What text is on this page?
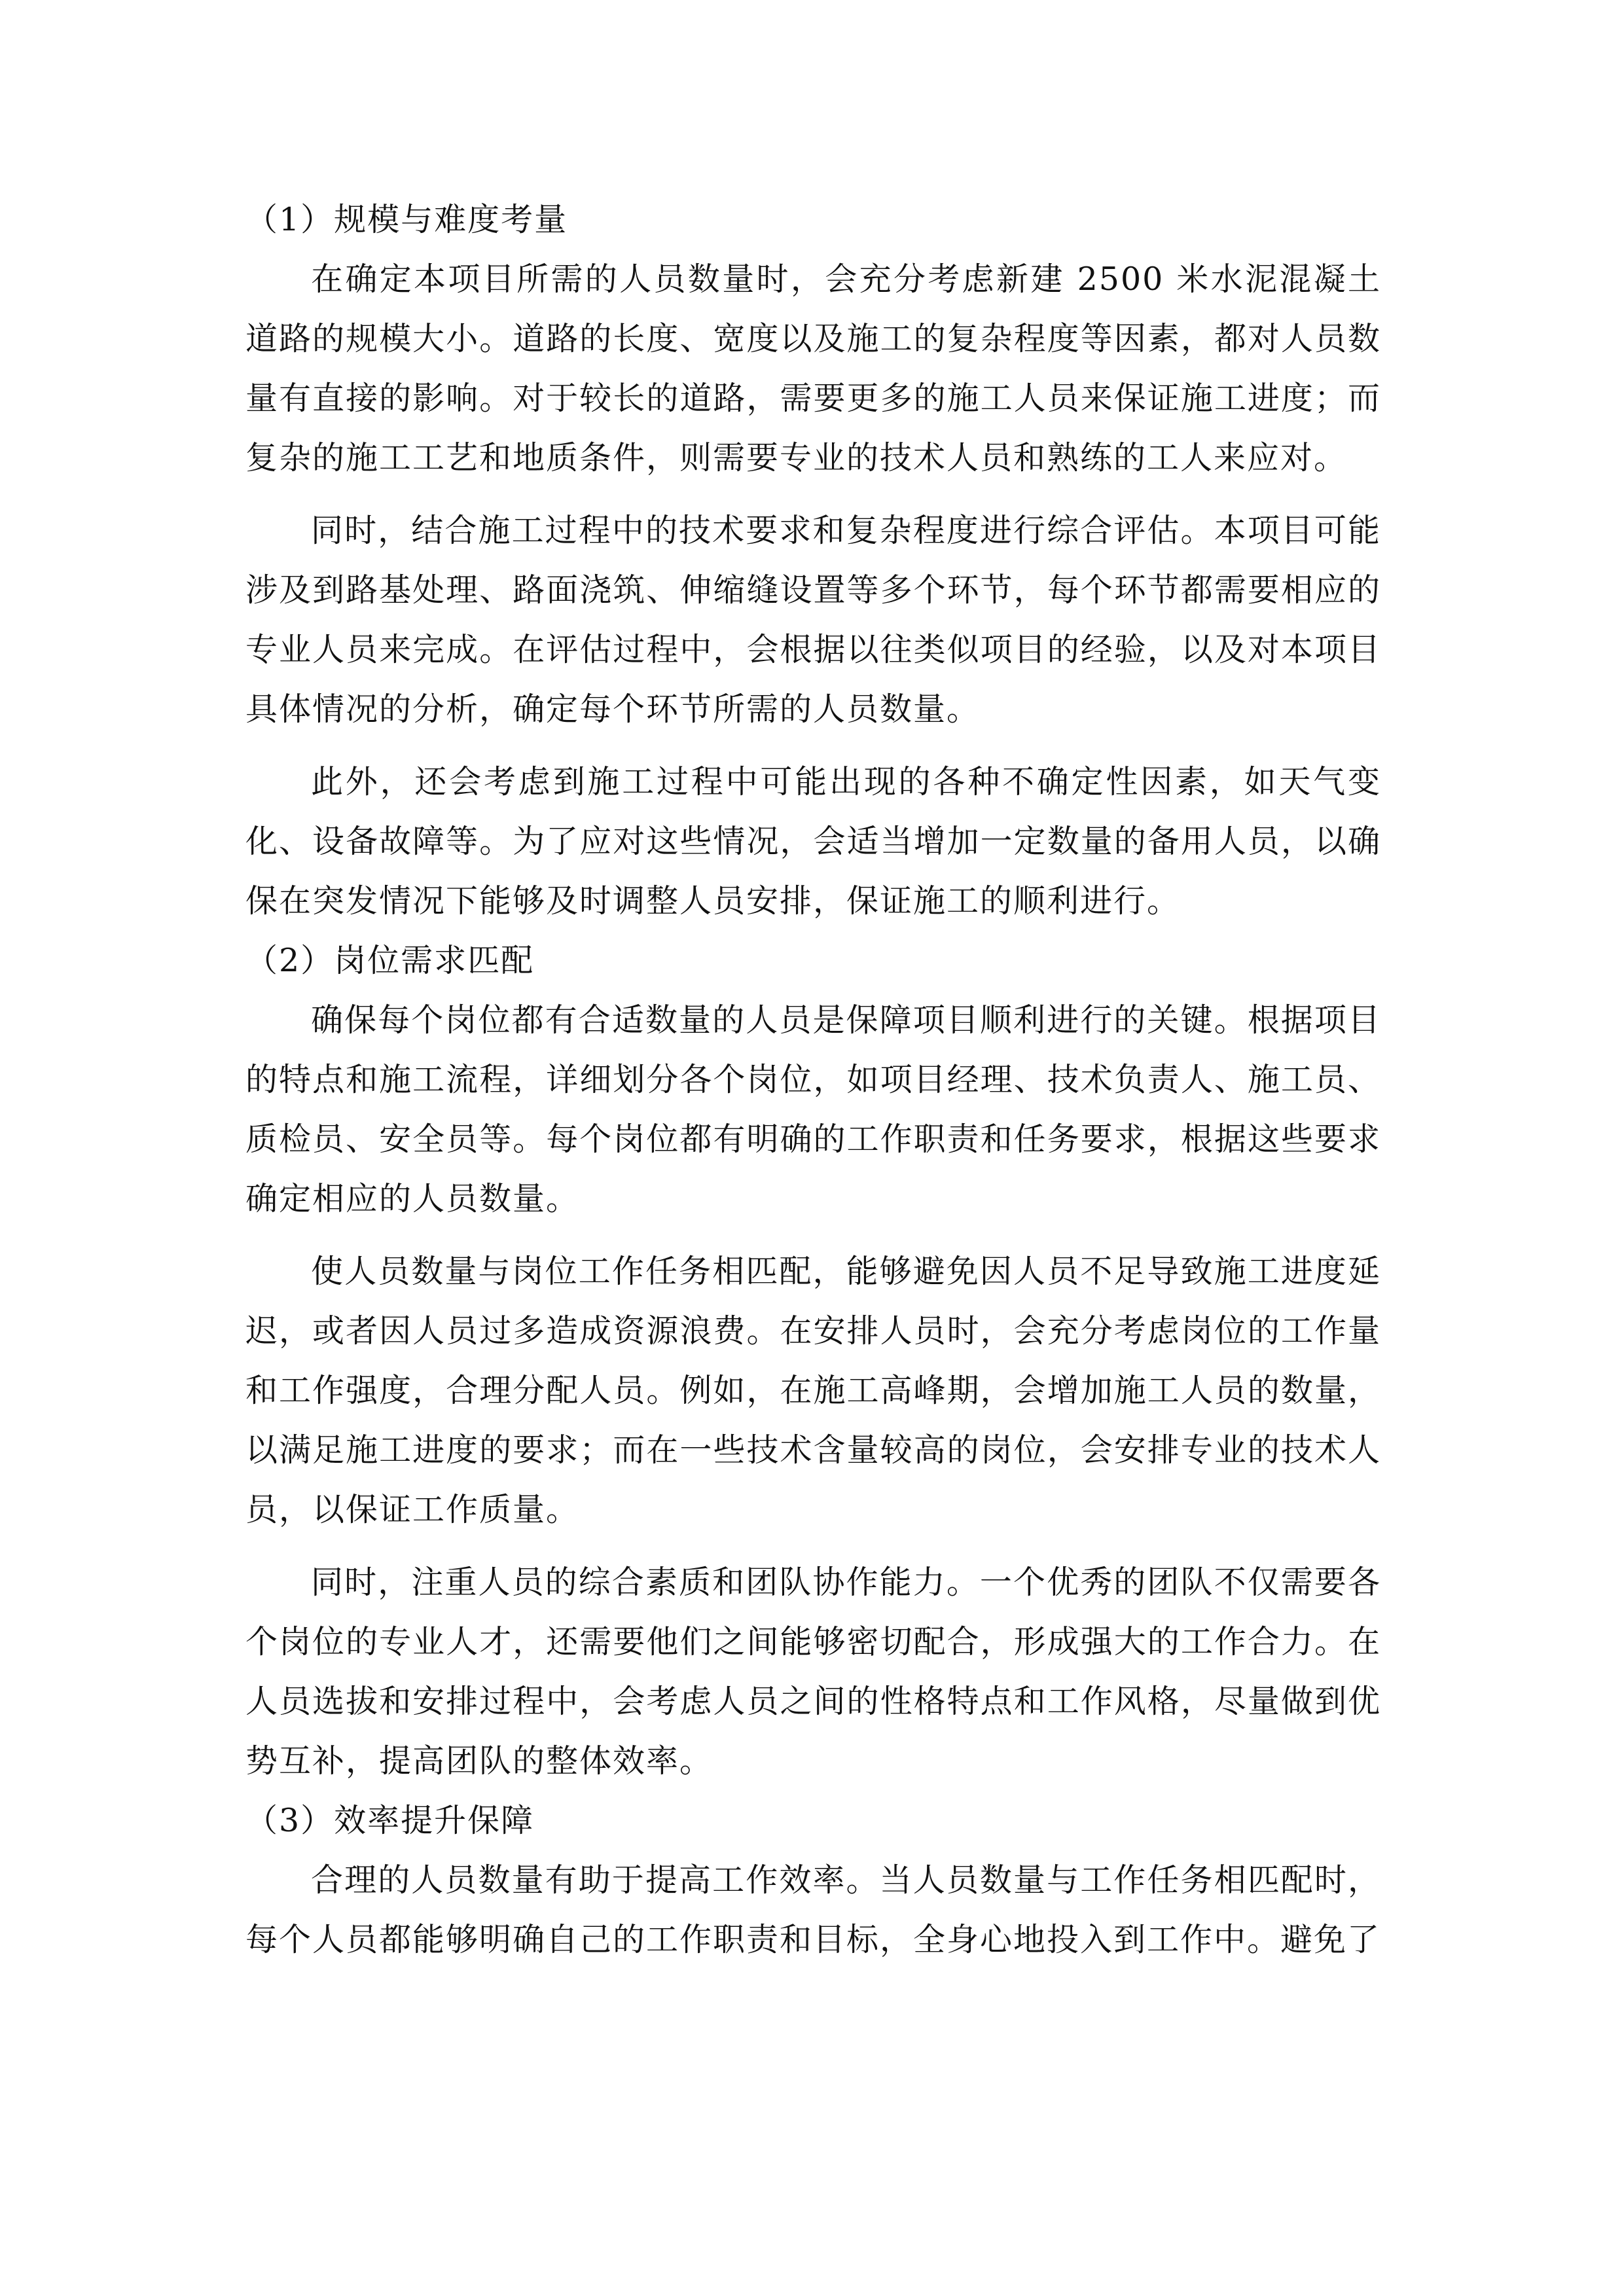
（1）规模与难度考量

在确定本项目所需的人员数量时，会充分考虑新建 2500 米水泥混凝土道路的规模大小。道路的长度、宽度以及施工的复杂程度等因素，都对人员数量有直接的影响。对于较长的道路，需要更多的施工人员来保证施工进度；而复杂的施工工艺和地质条件，则需要专业的技术人员和熟练的工人来应对。

同时，结合施工过程中的技术要求和复杂程度进行综合评估。本项目可能涉及到路基处理、路面浇筑、伸缩缝设置等多个环节，每个环节都需要相应的专业人员来完成。在评估过程中，会根据以往类似项目的经验，以及对本项目具体情况的分析，确定每个环节所需的人员数量。

此外，还会考虑到施工过程中可能出现的各种不确定性因素，如天气变化、设备故障等。为了应对这些情况，会适当增加一定数量的备用人员，以确保在突发情况下能够及时调整人员安排，保证施工的顺利进行。

（2）岗位需求匹配

确保每个岗位都有合适数量的人员是保障项目顺利进行的关键。根据项目的特点和施工流程，详细划分各个岗位，如项目经理、技术负责人、施工员、质检员、安全员等。每个岗位都有明确的工作职责和任务要求，根据这些要求确定相应的人员数量。

使人员数量与岗位工作任务相匹配，能够避免因人员不足导致施工进度延迟，或者因人员过多造成资源浪费。在安排人员时，会充分考虑岗位的工作量和工作强度，合理分配人员。例如，在施工高峰期，会增加施工人员的数量，以满足施工进度的要求；而在一些技术含量较高的岗位，会安排专业的技术人员，以保证工作质量。

同时，注重人员的综合素质和团队协作能力。一个优秀的团队不仅需要各个岗位的专业人才，还需要他们之间能够密切配合，形成强大的工作合力。在人员选拔和安排过程中，会考虑人员之间的性格特点和工作风格，尽量做到优势互补，提高团队的整体效率。

（3）效率提升保障

合理的人员数量有助于提高工作效率。当人员数量与工作任务相匹配时，每个人员都能够明确自己的工作职责和目标，全身心地投入到工作中。避免了
